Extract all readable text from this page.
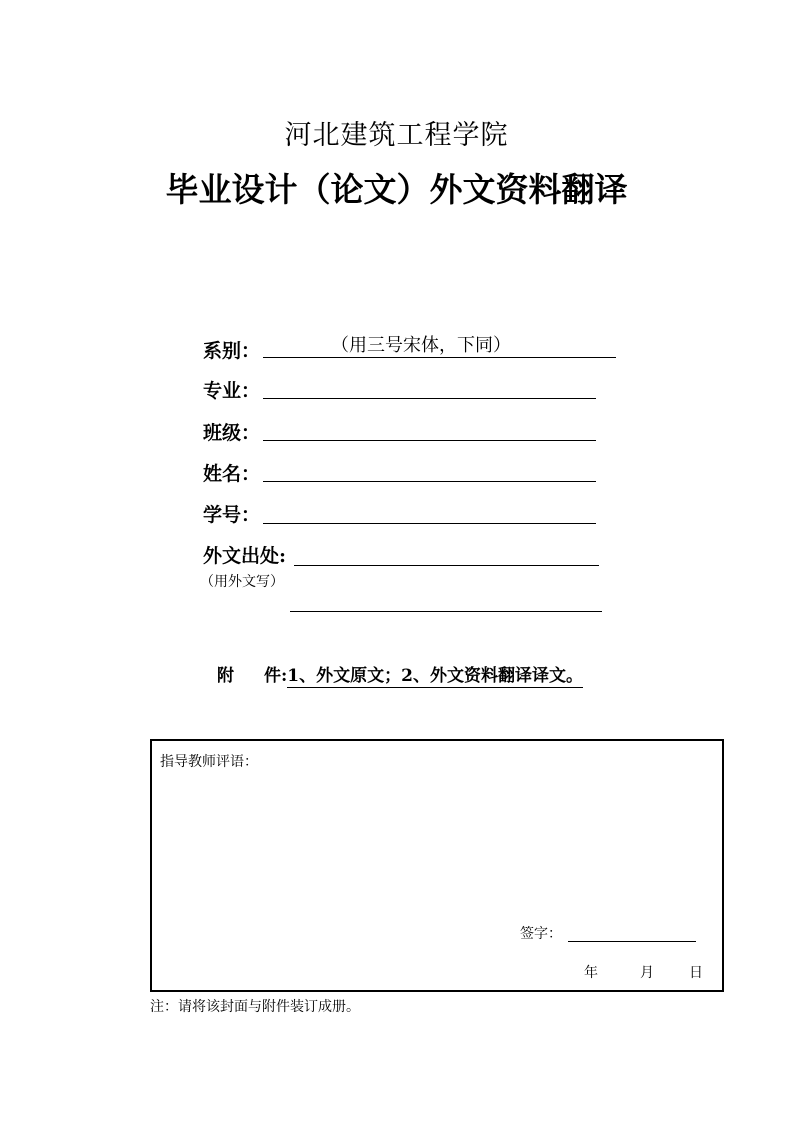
河北建筑工程学院
毕业设计（论文）外文资料翻译
系别：	（用三号宋体，下同）
专业：
班级：
姓名：
学号：
外文出处:
（用外文写）
附 件:1、外文原文；2、外文资料翻译译文。
指导教师评语：
签字：
年	月	日
注：请将该封面与附件装订成册。
